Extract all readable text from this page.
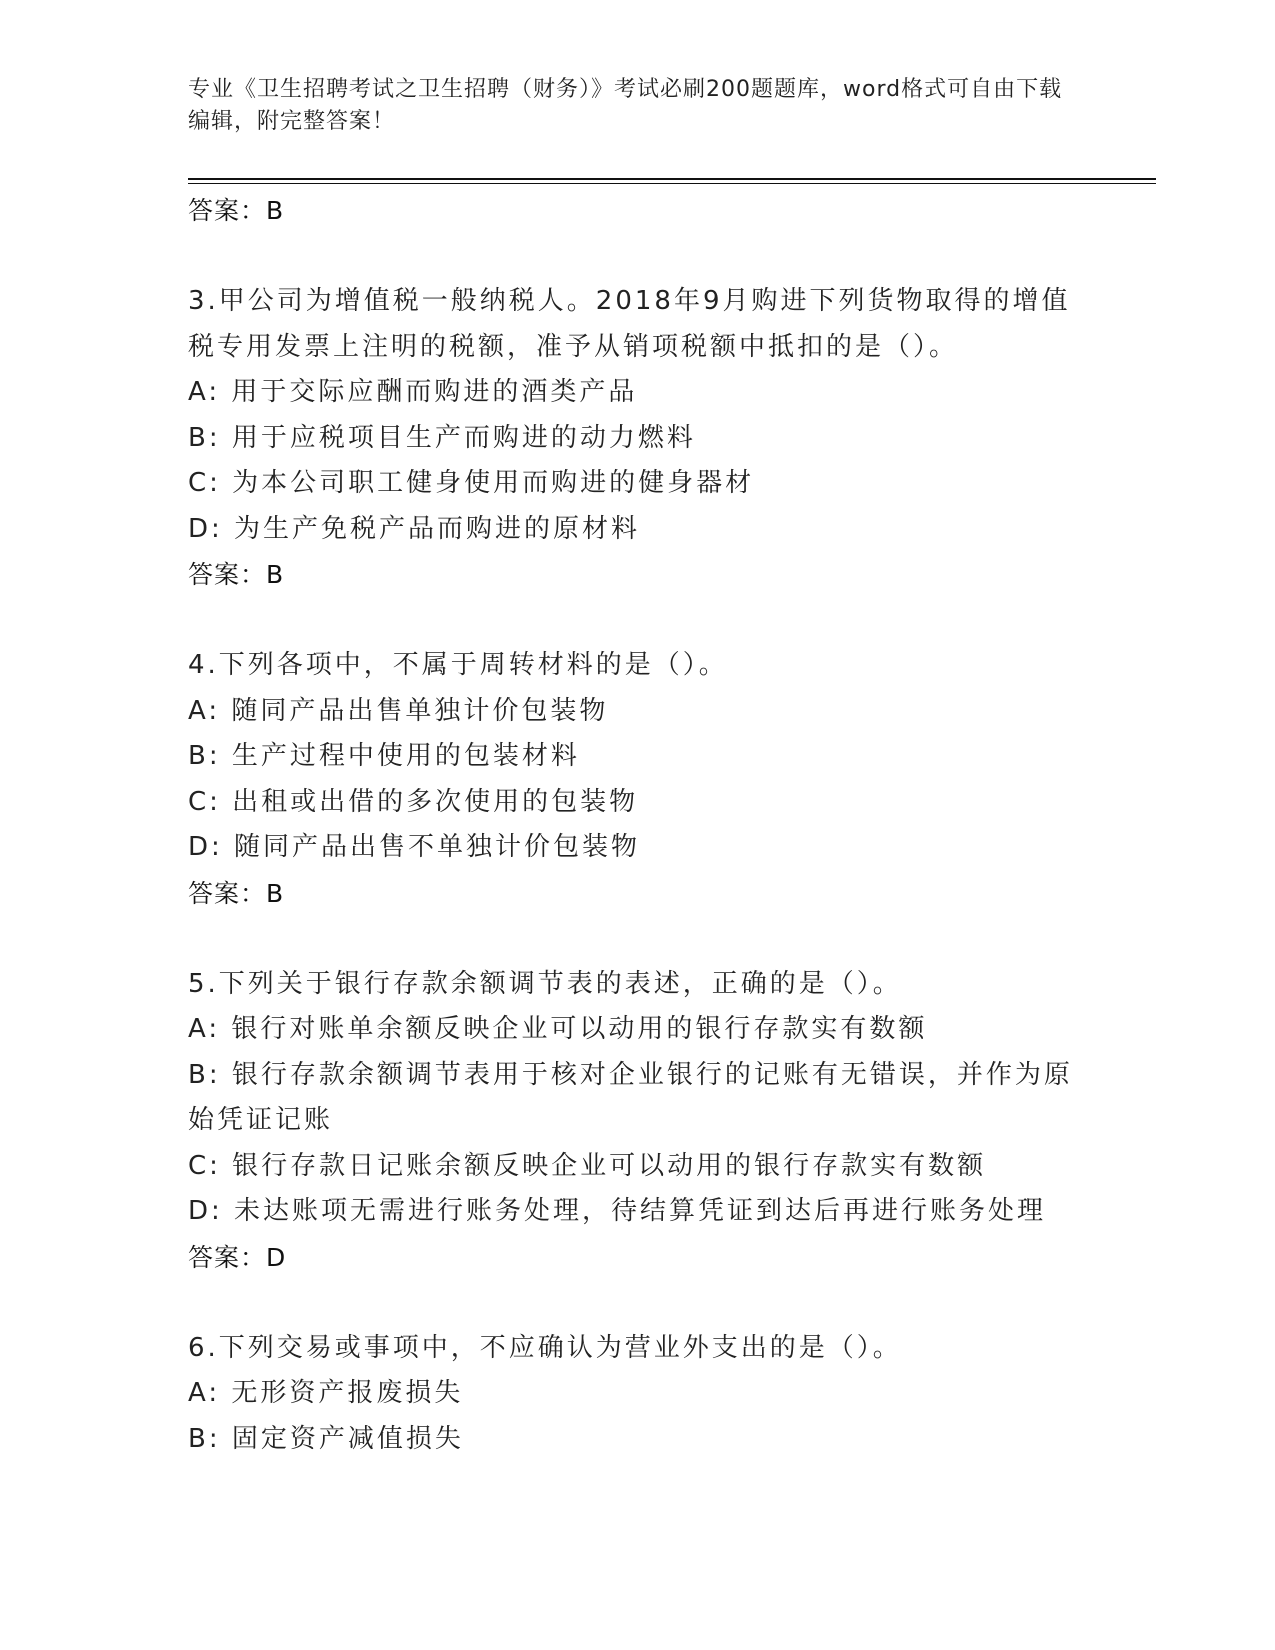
专业《卫生招聘考试之卫生招聘（财务）》考试必刷200题题库，word格式可自由下载编辑，附完整答案！
答案：B
3.甲公司为增值税一般纳税人。2018年9月购进下列货物取得的增值税专用发票上注明的税额，准予从销项税额中抵扣的是（）。
A: 用于交际应酬而购进的酒类产品
B: 用于应税项目生产而购进的动力燃料
C: 为本公司职工健身使用而购进的健身器材
D: 为生产免税产品而购进的原材料
答案：B
4.下列各项中，不属于周转材料的是（）。
A: 随同产品出售单独计价包装物
B: 生产过程中使用的包装材料
C: 出租或出借的多次使用的包装物
D: 随同产品出售不单独计价包装物
答案：B
5.下列关于银行存款余额调节表的表述，正确的是（）。
A: 银行对账单余额反映企业可以动用的银行存款实有数额
B: 银行存款余额调节表用于核对企业银行的记账有无错误，并作为原始凭证记账
C: 银行存款日记账余额反映企业可以动用的银行存款实有数额
D: 未达账项无需进行账务处理，待结算凭证到达后再进行账务处理
答案：D
6.下列交易或事项中，不应确认为营业外支出的是（）。
A: 无形资产报废损失
B: 固定资产减值损失
